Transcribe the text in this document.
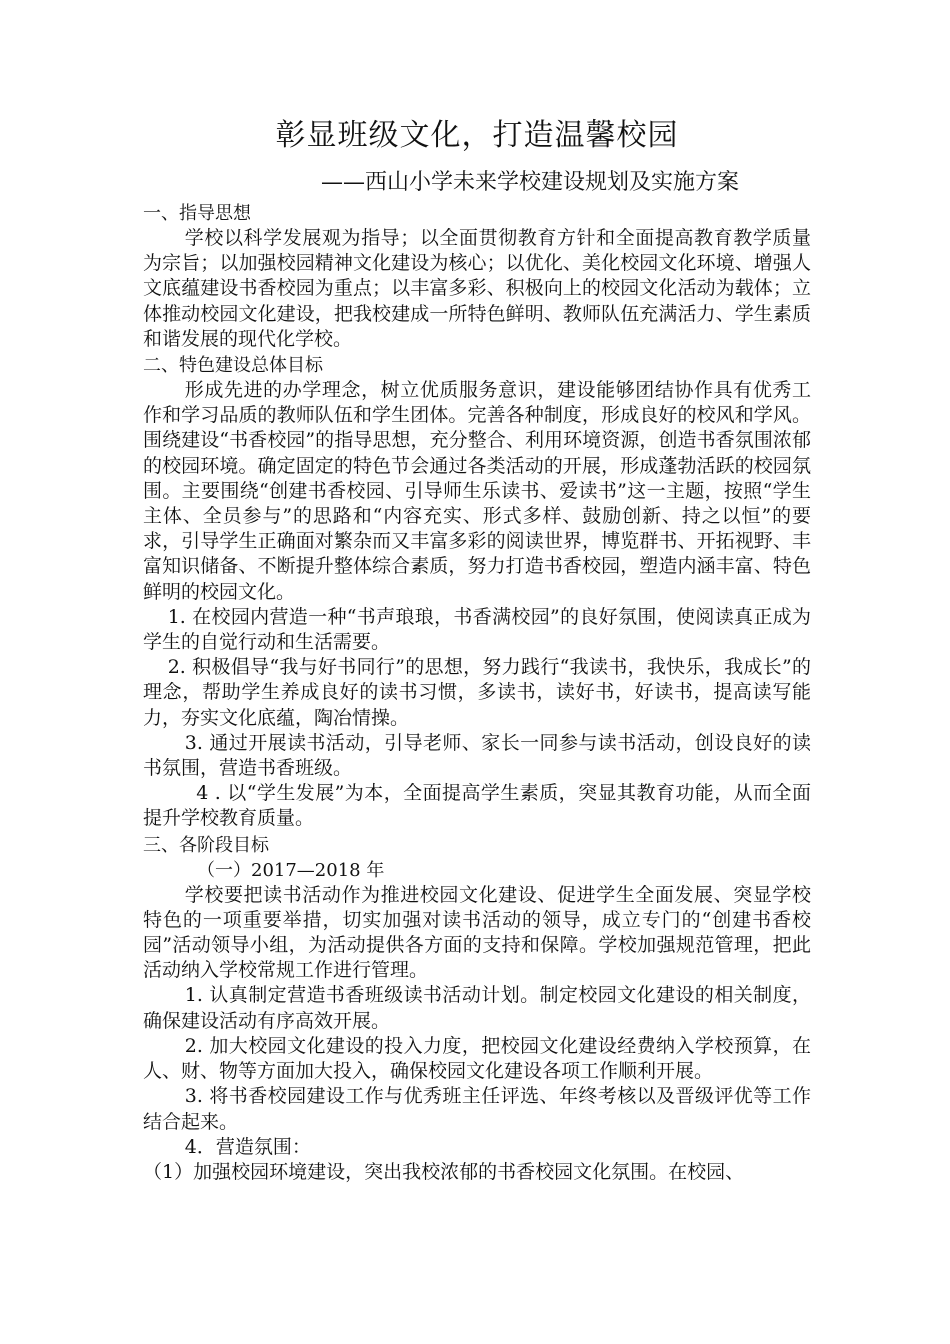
彰显班级文化，打造温馨校园
——西山小学未来学校建设规划及实施方案

一、指导思想

学校以科学发展观为指导；以全面贯彻教育方针和全面提高教育教学质量为宗旨；以加强校园精神文化建设为核心；以优化、美化校园文化环境、增强人文底蕴建设书香校园为重点；以丰富多彩、积极向上的校园文化活动为载体；立体推动校园文化建设，把我校建成一所特色鲜明、教师队伍充满活力、学生素质和谐发展的现代化学校。

二、特色建设总体目标

形成先进的办学理念，树立优质服务意识，建设能够团结协作具有优秀工作和学习品质的教师队伍和学生团体。完善各种制度，形成良好的校风和学风。围绕建设“书香校园”的指导思想，充分整合、利用环境资源，创造书香氛围浓郁的校园环境。确定固定的特色节会通过各类活动的开展，形成蓬勃活跃的校园氛围。主要围绕“创建书香校园、引导师生乐读书、爱读书”这一主题，按照“学生主体、全员参与”的思路和“内容充实、形式多样、鼓励创新、持之以恒”的要求，引导学生正确面对繁杂而又丰富多彩的阅读世界，博览群书、开拓视野、丰富知识储备、不断提升整体综合素质，努力打造书香校园，塑造内涵丰富、特色鲜明的校园文化。

1. 在校园内营造一种“书声琅琅，书香满校园”的良好氛围，使阅读真正成为学生的自觉行动和生活需要。

2. 积极倡导“我与好书同行”的思想，努力践行“我读书，我快乐，我成长”的理念，帮助学生养成良好的读书习惯，多读书，读好书，好读书，提高读写能力，夯实文化底蕴，陶冶情操。

3. 通过开展读书活动，引导老师、家长一同参与读书活动，创设良好的读书氛围，营造书香班级。

4 . 以“学生发展”为本，全面提高学生素质，突显其教育功能，从而全面提升学校教育质量。

三、各阶段目标

（一）2017—2018 年

学校要把读书活动作为推进校园文化建设、促进学生全面发展、突显学校特色的一项重要举措，切实加强对读书活动的领导，成立专门的“创建书香校园”活动领导小组，为活动提供各方面的支持和保障。学校加强规范管理，把此活动纳入学校常规工作进行管理。

1. 认真制定营造书香班级读书活动计划。制定校园文化建设的相关制度，确保建设活动有序高效开展。

2. 加大校园文化建设的投入力度，把校园文化建设经费纳入学校预算，在人、财、物等方面加大投入，确保校园文化建设各项工作顺利开展。

3. 将书香校园建设工作与优秀班主任评选、年终考核以及晋级评优等工作结合起来。

4．营造氛围：

（1）加强校园环境建设，突出我校浓郁的书香校园文化氛围。在校园、
